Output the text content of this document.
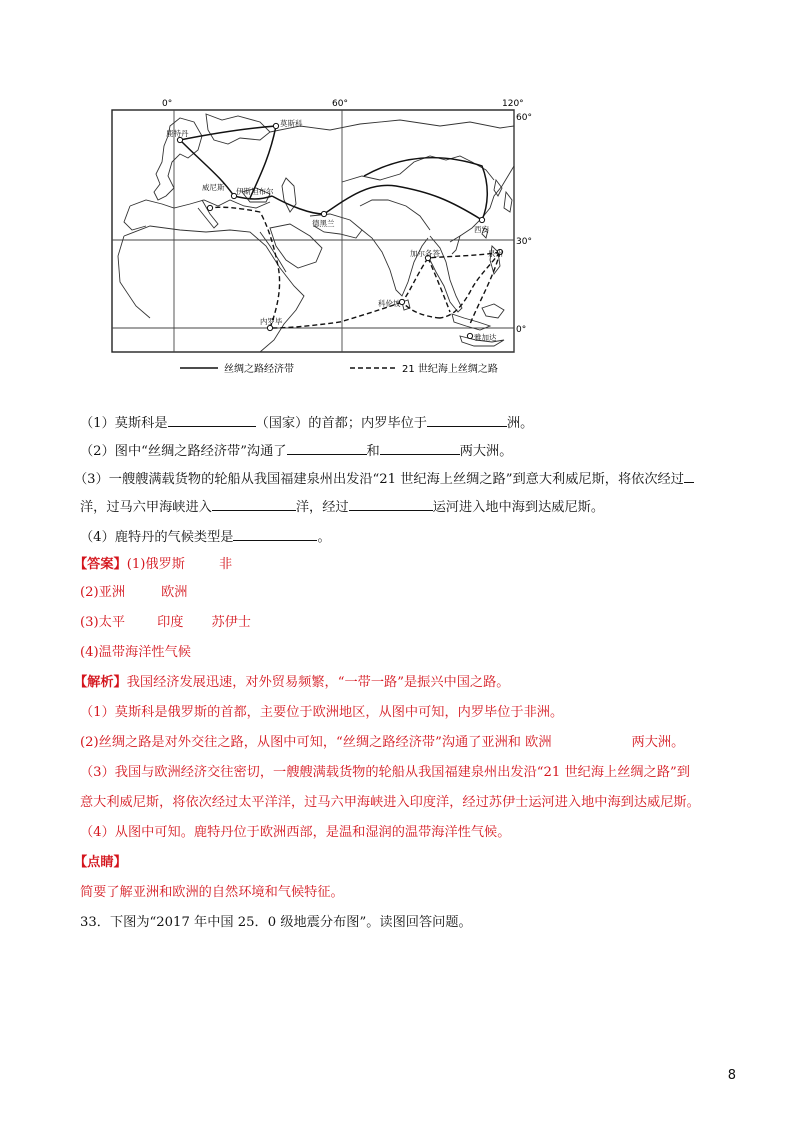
0°	60°	120°
60°
30°
0°
莫斯科
鹿特丹
威尼斯 伊斯坦布尔
德黑兰
西安
泉州
加尔各答
科伦坡
内罗毕
雅加达
丝绸之路经济带	21 世纪海上丝绸之路
（1）莫斯科是	（国家）的首都；内罗毕位于	洲。
（2）图中“丝绸之路经济带”沟通了	和	两大洲。
（3）一艘艘满载货物的轮船从我国福建泉州出发沿“21 世纪海上丝绸之路”到意大利威尼斯，将依次经过
洋，过马六甲海峡进入	洋，经过	运河进入地中海到达威尼斯。
（4）鹿特丹的气候类型是	。
【答案】(1)俄罗斯	非
(2)亚洲	欧洲
(3)太平 印度 苏伊士
(4)温带海洋性气候
【解析】我国经济发展迅速，对外贸易频繁，“一带一路”是振兴中国之路。
（1）莫斯科是俄罗斯的首都，主要位于欧洲地区，从图中可知，内罗毕位于非洲。
(2)丝绸之路是对外交往之路，从图中可知，“丝绸之路经济带”沟通了亚洲和 欧洲	两大洲。
（3）我国与欧洲经济交往密切，一艘艘满载货物的轮船从我国福建泉州出发沿“21 世纪海上丝绸之路”到
意大利威尼斯，将依次经过太平洋洋，过马六甲海峡进入印度洋，经过苏伊士运河进入地中海到达威尼斯。
（4）从图中可知。鹿特丹位于欧洲西部，是温和湿润的温带海洋性气候。
【点睛】
简要了解亚洲和欧洲的自然环境和气候特征。
33．下图为“2017 年中国 25．0 级地震分布图”。读图回答问题。
8
